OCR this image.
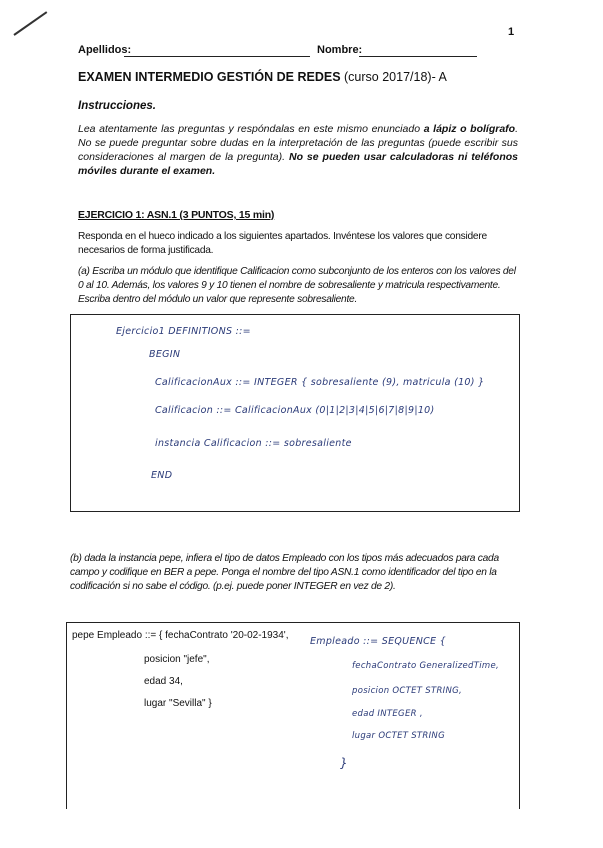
1
Apellidos:	Nombre:
EXAMEN INTERMEDIO GESTIÓN DE REDES (curso 2017/18)- A
Instrucciones.
Lea atentamente las preguntas y respóndalas en este mismo enunciado a lápiz o bolígrafo. No se puede preguntar sobre dudas en la interpretación de las preguntas (puede escribir sus consideraciones al margen de la pregunta). No se pueden usar calculadoras ni teléfonos móviles durante el examen.
EJERCICIO 1: ASN.1 (3 PUNTOS, 15 min)
Responda en el hueco indicado a los siguientes apartados. Invéntese los valores que considere necesarios de forma justificada.
(a) Escriba un módulo que identifique Calificacion como subconjunto de los enteros con los valores del 0 al 10. Además, los valores 9 y 10 tienen el nombre de sobresaliente y matricula respectivamente. Escriba dentro del módulo un valor que represente sobresaliente.
Ejercicio1 DEFINITIONS ::=
BEGIN
CalificacionAux ::= INTEGER { sobresaliente (9), matricula (10) }
Calificacion ::= CalificacionAux (0|1|2|3|4|5|6|7|8|9|10)
instancia Calificacion ::= sobresaliente
END
(b) dada la instancia pepe, infiera el tipo de datos Empleado con los tipos más adecuados para cada campo y codifique en BER a pepe. Ponga el nombre del tipo ASN.1 como identificador del tipo en la codificación si no sabe el código. (p.ej. puede poner INTEGER en vez de 2).
pepe Empleado ::= { fechaContrato '20-02-1934',
posicion "jefe",
edad 34,
lugar "Sevilla" }
Empleado ::= SEQUENCE {
fechaContrato GeneralizedTime,
posicion OCTET STRING,
edad INTEGER ,
lugar OCTET STRING
}
